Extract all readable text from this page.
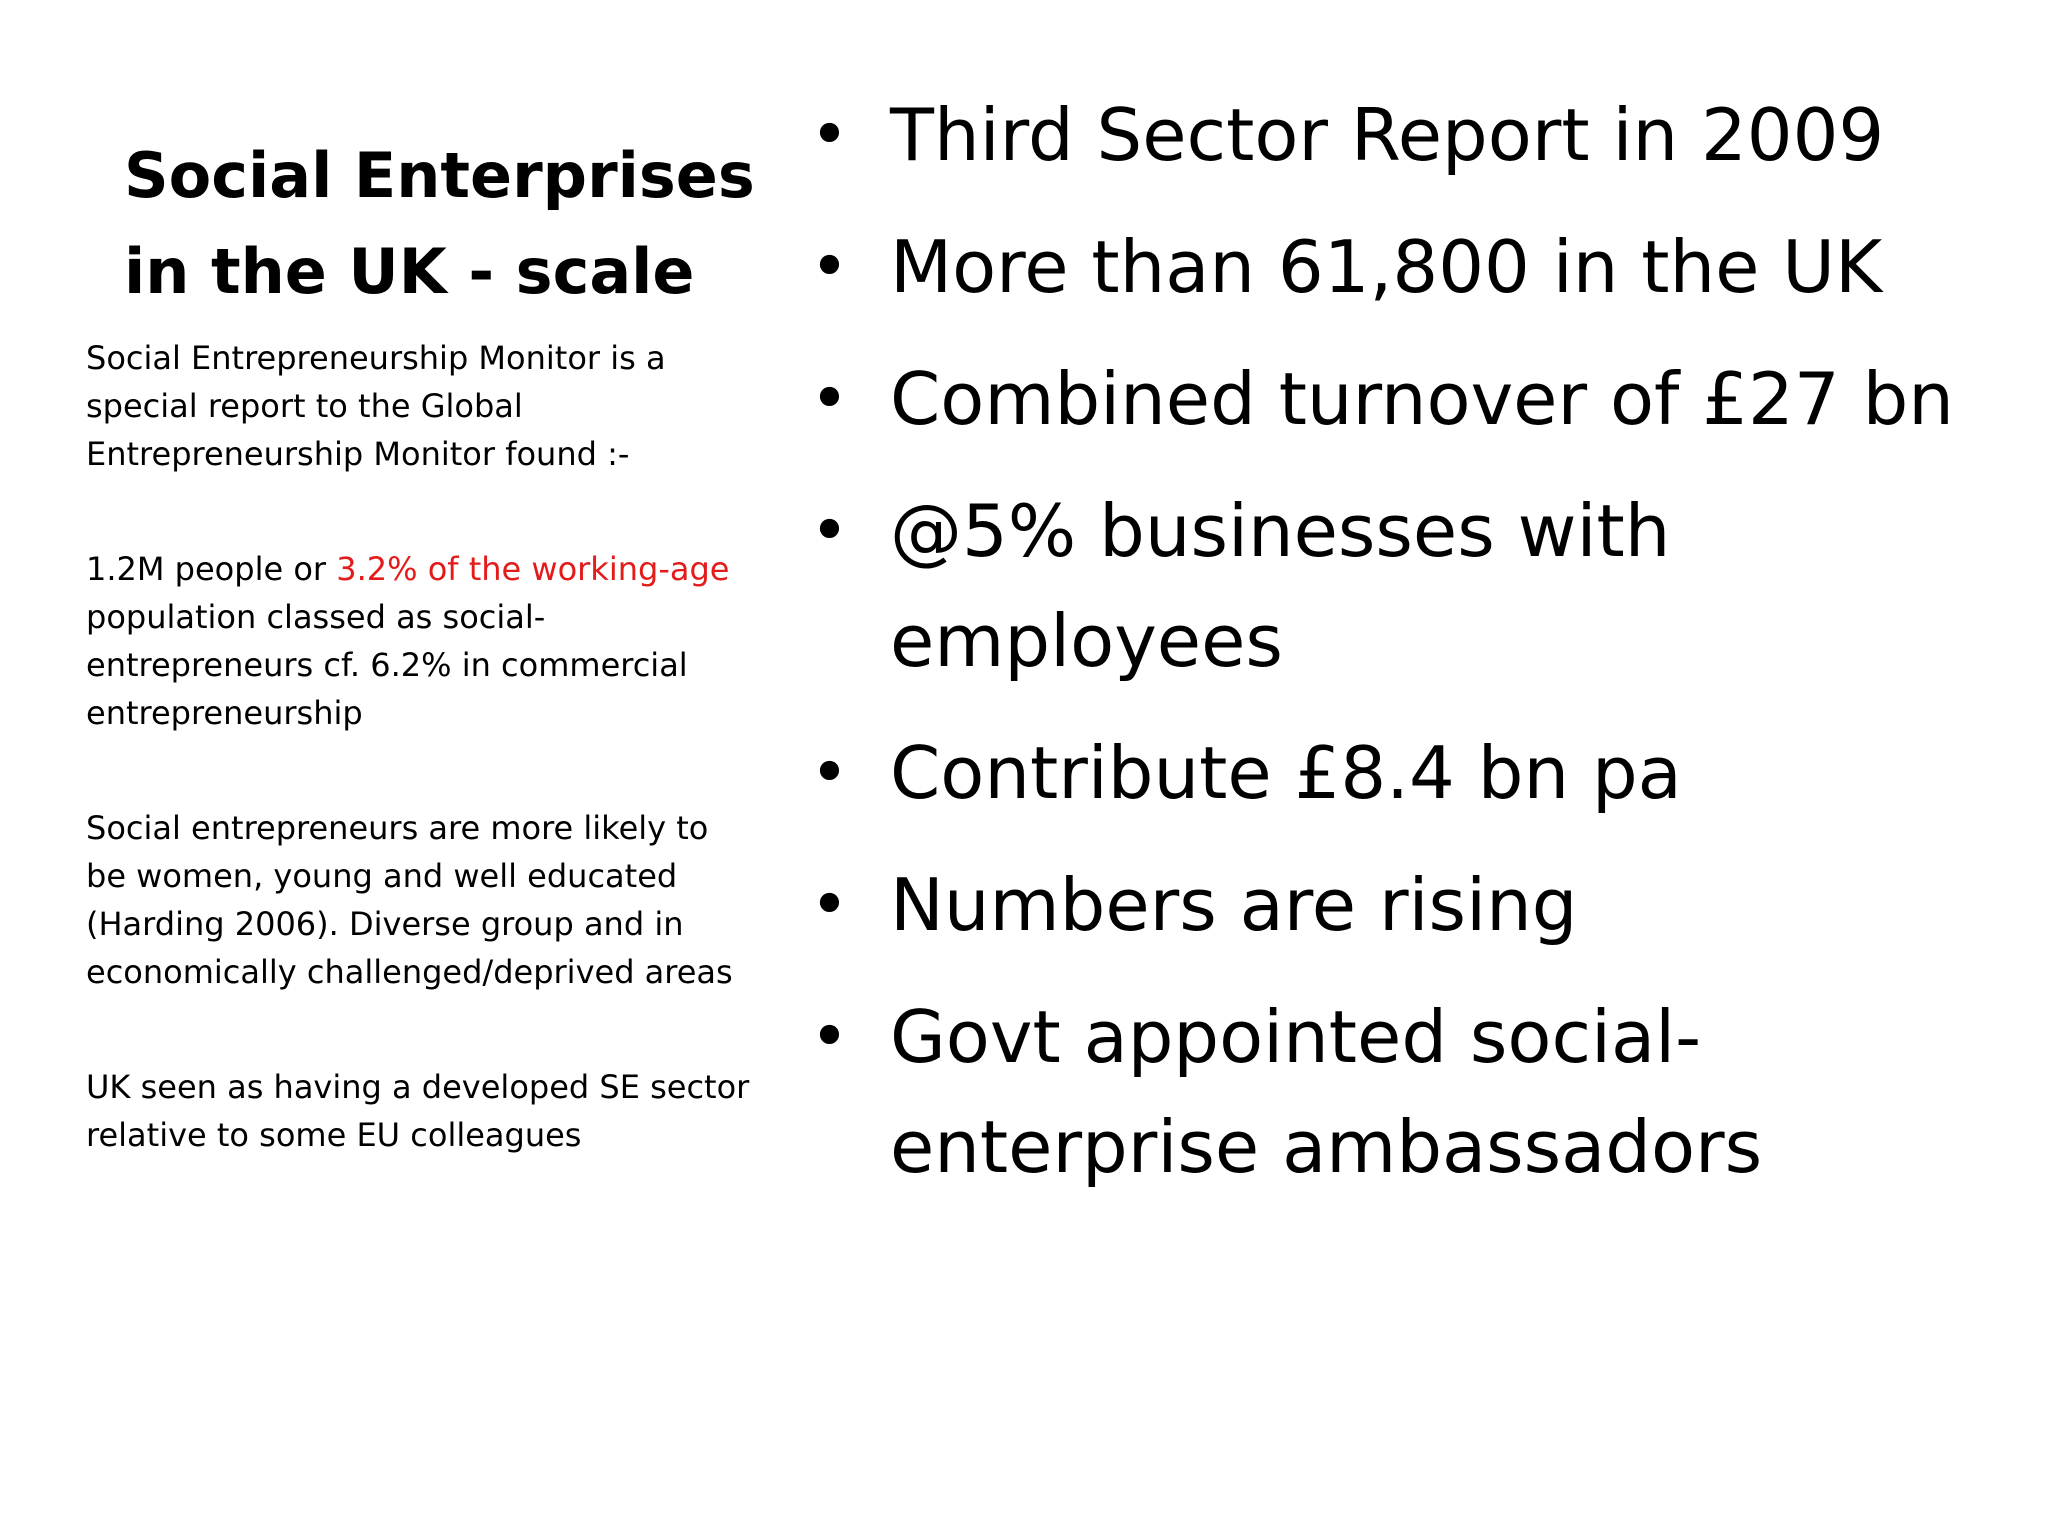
Social Enterprises
in the UK - scale

Social Entrepreneurship Monitor is a
special report to the Global
Entrepreneurship Monitor found :-

1.2M people or 3.2% of the working-age
population classed as social-
entrepreneurs cf. 6.2% in commercial
entrepreneurship

Social entrepreneurs are more likely to
be women, young and well educated
(Harding 2006). Diverse group and in
economically challenged/deprived areas

UK seen as having a developed SE sector
relative to some EU colleagues

• Third Sector Report in 2009
• More than 61,800 in the UK
• Combined turnover of £27 bn
• @5% businesses with
employees
• Contribute £8.4 bn pa
• Numbers are rising
• Govt appointed social-
enterprise ambassadors
